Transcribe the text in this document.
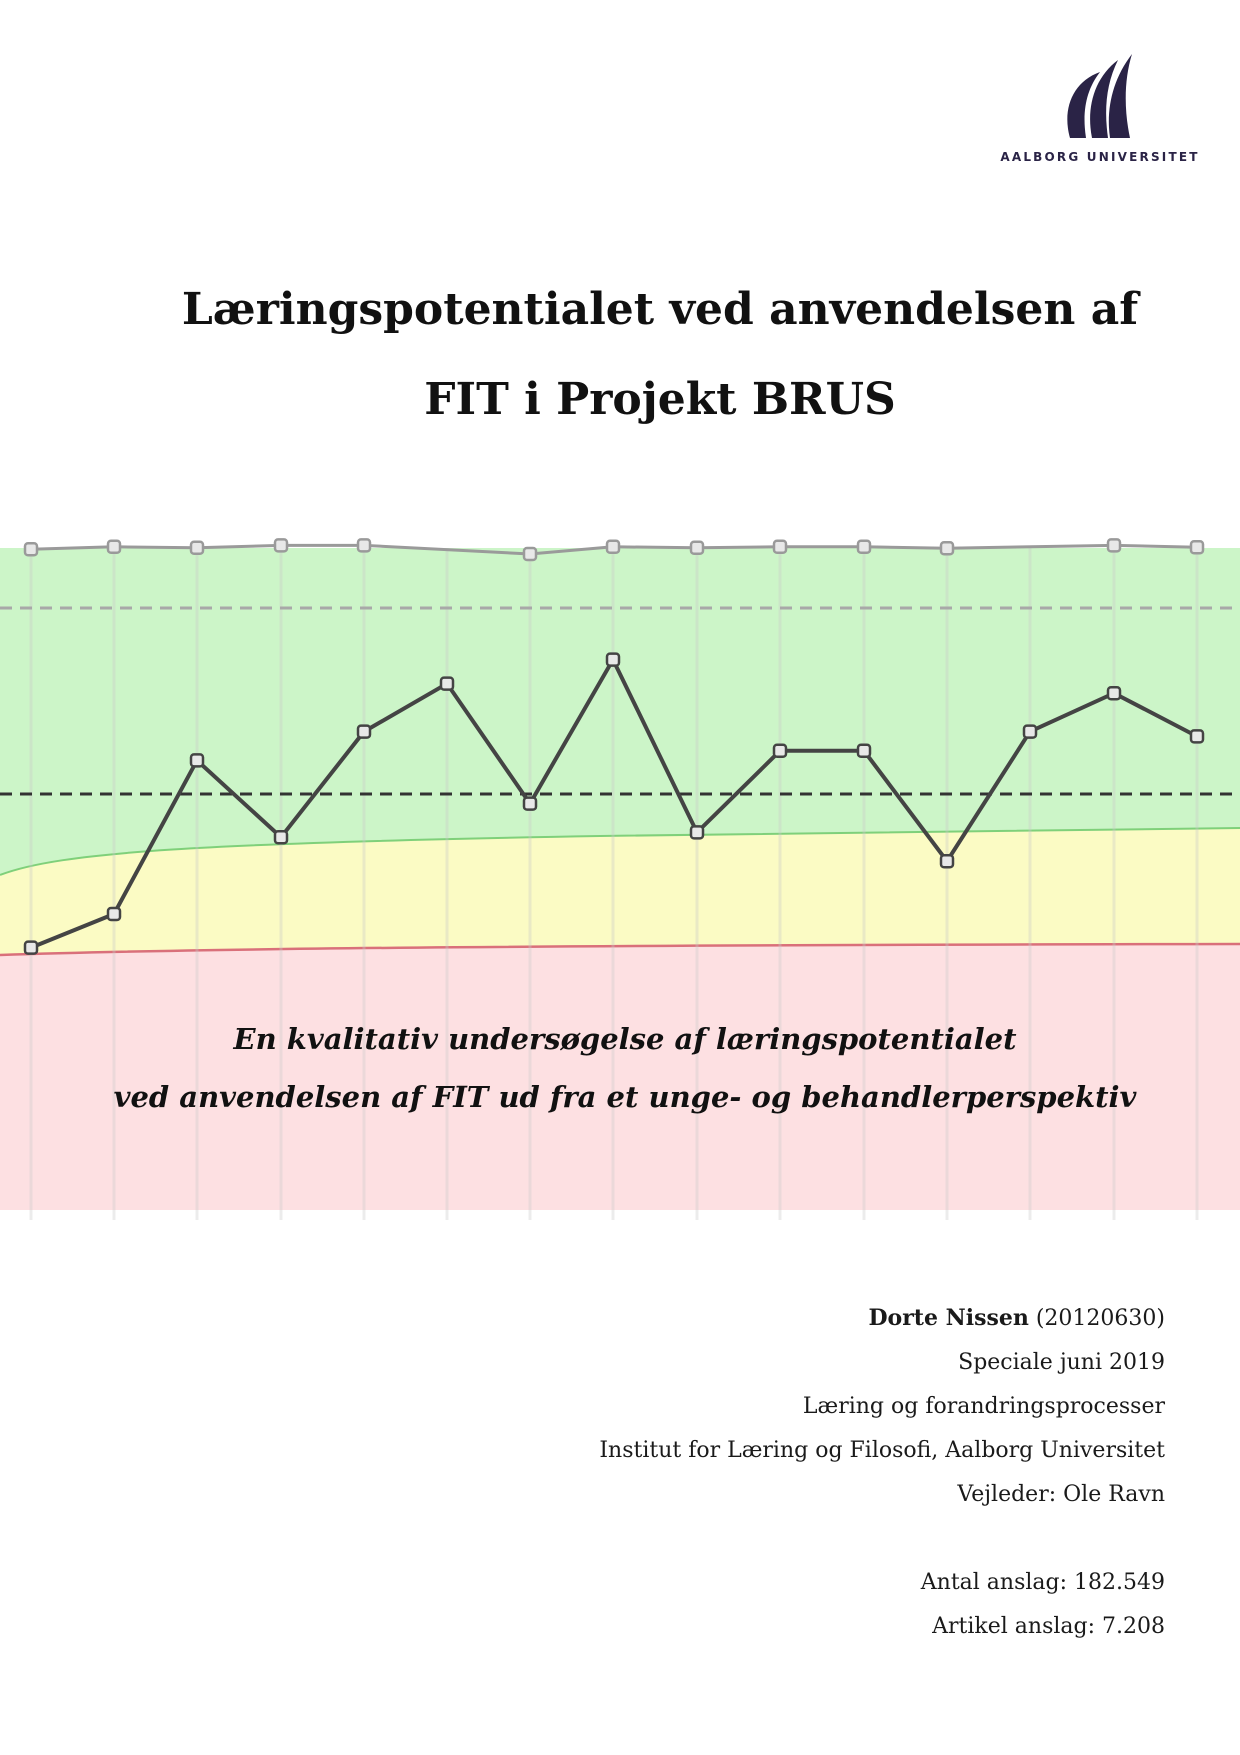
AALBORG UNIVERSITET
Læringspotentialet ved anvendelsen af
FIT i Projekt BRUS
En kvalitativ undersøgelse af læringspotentialet
ved anvendelsen af FIT ud fra et unge- og behandlerperspektiv
Dorte Nissen (20120630)
Speciale juni 2019
Læring og forandringsprocesser
Institut for Læring og Filosofi, Aalborg Universitet
Vejleder: Ole Ravn
Antal anslag: 182.549
Artikel anslag: 7.208
